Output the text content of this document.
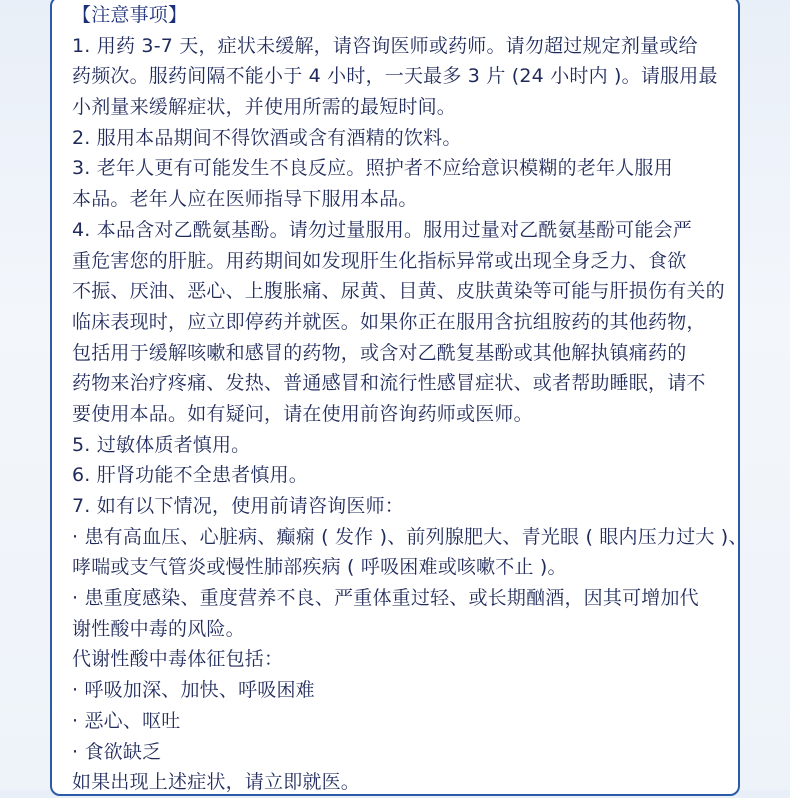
【注意事项】
1. 用药 3-7 天，症状未缓解，请咨询医师或药师。请勿超过规定剂量或给
药频次。服药间隔不能小于 4 小时，一天最多 3 片 (24 小时内 )。请服用最
小剂量来缓解症状，并使用所需的最短时间。
2. 服用本品期间不得饮酒或含有酒精的饮料。
3. 老年人更有可能发生不良反应。照护者不应给意识模糊的老年人服用
本品。老年人应在医师指导下服用本品。
4. 本品含对乙酰氨基酚。请勿过量服用。服用过量对乙酰氨基酚可能会严
重危害您的肝脏。用药期间如发现肝生化指标异常或出现全身乏力、食欲
不振、厌油、恶心、上腹胀痛、尿黄、目黄、皮肤黄染等可能与肝损伤有关的
临床表现时，应立即停药并就医。如果你正在服用含抗组胺药的其他药物，
包括用于缓解咳嗽和感冒的药物，或含对乙酰复基酚或其他解执镇痛药的
药物来治疗疼痛、发热、普通感冒和流行性感冒症状、或者帮助睡眠，请不
要使用本品。如有疑问，请在使用前咨询药师或医师。
5. 过敏体质者慎用。
6. 肝肾功能不全患者慎用。
7. 如有以下情况，使用前请咨询医师：
· 患有高血压、心脏病、癫痫 ( 发作 )、前列腺肥大、青光眼 ( 眼内压力过大 )、
哮喘或支气管炎或慢性肺部疾病 ( 呼吸困难或咳嗽不止 )。
· 患重度感染、重度营养不良、严重体重过轻、或长期酗酒，因其可增加代
谢性酸中毒的风险。
代谢性酸中毒体征包括：
· 呼吸加深、加快、呼吸困难
· 恶心、呕吐
· 食欲缺乏
如果出现上述症状，请立即就医。
